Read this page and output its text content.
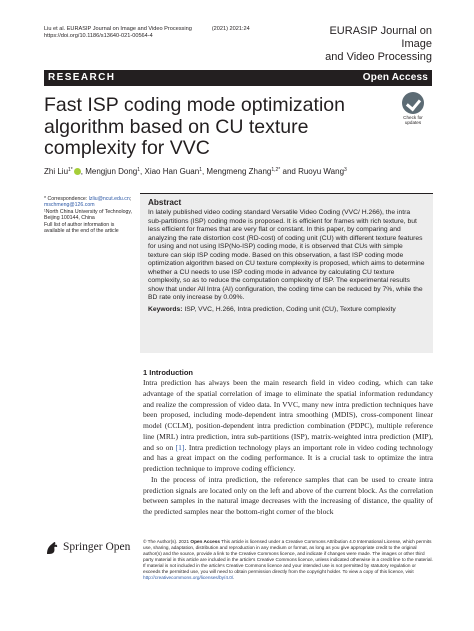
Liu et al. EURASIP Journal on Image and Video Processing	(2021) 2021:24
https://doi.org/10.1186/s13640-021-00564-4	EURASIP Journal on Image
and Video Processing
RESEARCH	Open Access
Fast ISP coding mode optimization algorithm based on CU texture complexity for VVC
Check for
updates
Zhi Liu$^{1*}$ , Mengjun Dong$^1$, Xiao Han Guan$^1$, Mengmeng Zhang$^{1,2*}$ and Ruoyu Wang$^3$
* Correspondence: lzliu@ncut.edu.cn; mschmeng@126.com
¹North China University of Technology, Beijing 100144, China
Full list of author information is available at the end of the article
Abstract
In lately published video coding standard Versatile Video Coding (VVC/ H.266), the intra sub-partitions (ISP) coding mode is proposed. It is efficient for frames with rich texture, but less efficient for frames that are very flat or constant. In this paper, by comparing and analyzing the rate distortion cost (RD-cost) of coding unit (CU) with different texture features for using and not using ISP(No-ISP) coding mode, it is observed that CUs with simple texture can skip ISP coding mode. Based on this observation, a fast ISP coding mode optimization algorithm based on CU texture complexity is proposed, which aims to determine whether a CU needs to use ISP coding mode in advance by calculating CU texture complexity, so as to reduce the computation complexity of ISP. The experimental results show that under All Intra (AI) configuration, the coding time can be reduced by 7%, while the BD rate only increase by 0.09%.
Keywords: ISP, VVC, H.266, Intra prediction, Coding unit (CU), Texture complexity
1 Introduction

Intra prediction has always been the main research field in video coding, which can take advantage of the spatial correlation of image to eliminate the spatial information redundancy and realize the compression of video data. In VVC, many new intra prediction techniques have been proposed, including mode-dependent intra smoothing (MDIS), cross-component linear model (CCLM), position-dependent intra prediction combination (PDPC), multiple reference line (MRL) intra prediction, intra sub-partitions (ISP), matrix-weighted intra prediction (MIP), and so on [1]. Intra prediction technology plays an important role in video coding technology and has a great impact on the coding performance. It is a crucial task to optimize the intra prediction technique to improve coding efficiency.

In the process of intra prediction, the reference samples that can be used to create intra prediction signals are located only on the left and above of the current block. As the correlation between samples in the natural image decreases with the increasing of distance, the quality of the predicted samples near the bottom-right corner of the block

Springer Open	© The Author(s). 2021 Open Access This article is licensed under a Creative Commons Attribution 4.0 International License, which permits use, sharing, adaptation, distribution and reproduction in any medium or format, as long as you give appropriate credit to the original author(s) and the source, provide a link to the Creative Commons licence, and indicate if changes were made. The images or other third party material in this article are included in the article's Creative Commons licence, unless indicated otherwise in a credit line to the material. If material is not included in the article's Creative Commons licence and your intended use is not permitted by statutory regulation or exceeds the permitted use, you will need to obtain permission directly from the copyright holder. To view a copy of this licence, visit http://creativecommons.org/licenses/by/4.0/.
